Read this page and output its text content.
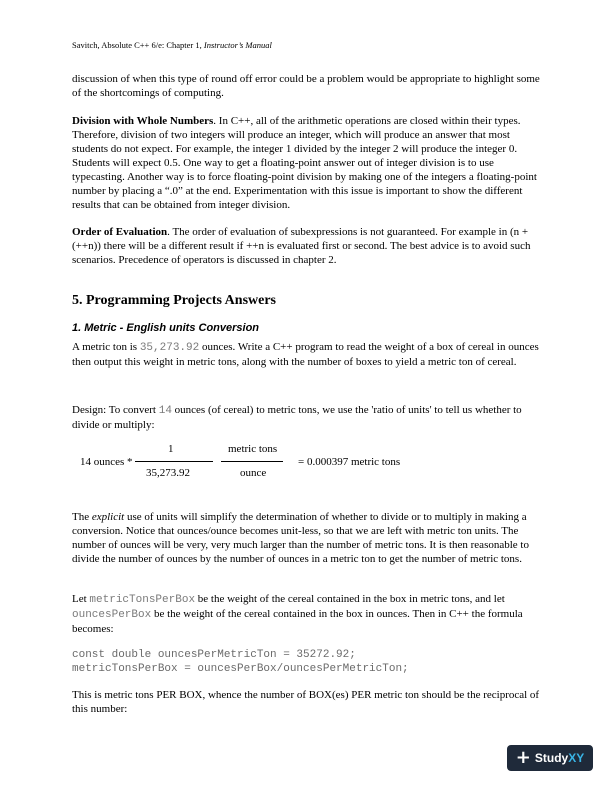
Savitch, Absolute C++ 6/e: Chapter 1, Instructor’s Manual
discussion of when this type of round off error could be a problem would be appropriate to highlight some of the shortcomings of computing.
Division with Whole Numbers. In C++, all of the arithmetic operations are closed within their types. Therefore, division of two integers will produce an integer, which will produce an answer that most students do not expect. For example, the integer 1 divided by the integer 2 will produce the integer 0. Students will expect 0.5. One way to get a floating-point answer out of integer division is to use typecasting. Another way is to force floating-point division by making one of the integers a floating-point number by placing a “.0” at the end. Experimentation with this issue is important to show the different results that can be obtained from integer division.
Order of Evaluation. The order of evaluation of subexpressions is not guaranteed. For example in (n + (++n)) there will be a different result if ++n is evaluated first or second. The best advice is to avoid such scenarios. Precedence of operators is discussed in chapter 2.
5. Programming Projects Answers
1. Metric - English units Conversion
A metric ton is 35,273.92 ounces. Write a C++ program to read the weight of a box of cereal in ounces then output this weight in metric tons, along with the number of boxes to yield a metric ton of cereal.
Design: To convert 14 ounces (of cereal) to metric tons, we use the 'ratio of units' to tell us whether to divide or multiply:
14 ounces *
1
35,273.92
metric tons
ounce
= 0.000397 metric tons
The explicit use of units will simplify the determination of whether to divide or to multiply in making a conversion. Notice that ounces/ounce becomes unit-less, so that we are left with metric ton units. The number of ounces will be very, very much larger than the number of metric tons. It is then reasonable to divide the number of ounces by the number of ounces in a metric ton to get the number of metric tons.
Let metricTonsPerBox be the weight of the cereal contained in the box in metric tons, and let ouncesPerBox be the weight of the cereal contained in the box in ounces. Then in C++ the formula becomes:
const double ouncesPerMetricTon = 35272.92;
metricTonsPerBox = ouncesPerBox/ouncesPerMetricTon;
This is metric tons PER BOX, whence the number of BOX(es) PER metric ton should be the reciprocal of this number:
+ StudyXY
